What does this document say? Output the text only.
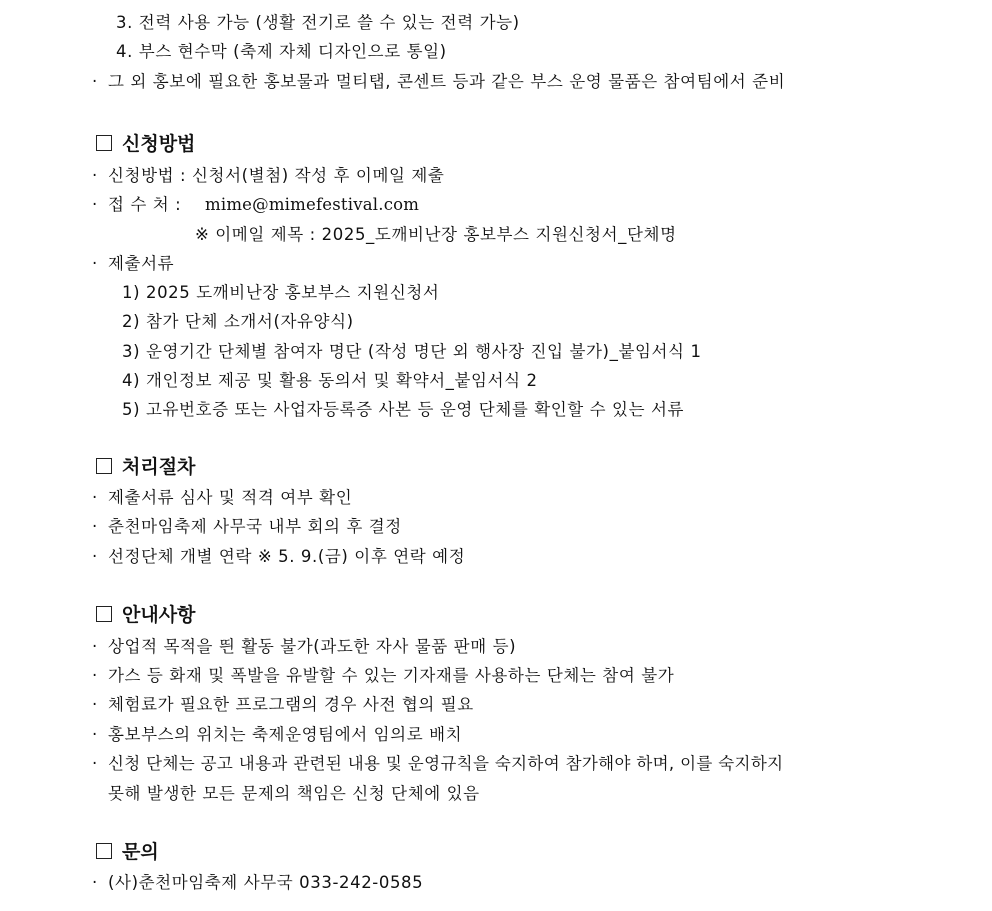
3. 전력 사용 가능 (생활 전기로 쓸 수 있는 전력 가능)
4. 부스 현수막 (축제 자체 디자인으로 통일)
· 그 외 홍보에 필요한 홍보물과 멀티탭, 콘센트 등과 같은 부스 운영 물품은 참여팀에서 준비
신청방법
· 신청방법 : 신청서(별첨) 작성 후 이메일 제출
· 접 수 처 : mime@mimefestival.com
※ 이메일 제목 : 2025_도깨비난장 홍보부스 지원신청서_단체명
· 제출서류
1) 2025 도깨비난장 홍보부스 지원신청서
2) 참가 단체 소개서(자유양식)
3) 운영기간 단체별 참여자 명단 (작성 명단 외 행사장 진입 불가)_붙임서식 1
4) 개인정보 제공 및 활용 동의서 및 확약서_붙임서식 2
5) 고유번호증 또는 사업자등록증 사본 등 운영 단체를 확인할 수 있는 서류
처리절차
· 제출서류 심사 및 적격 여부 확인
· 춘천마임축제 사무국 내부 회의 후 결정
· 선정단체 개별 연락 ※ 5. 9.(금) 이후 연락 예정
안내사항
· 상업적 목적을 띈 활동 불가(과도한 자사 물품 판매 등)
· 가스 등 화재 및 폭발을 유발할 수 있는 기자재를 사용하는 단체는 참여 불가
· 체험료가 필요한 프로그램의 경우 사전 협의 필요
· 홍보부스의 위치는 축제운영팀에서 임의로 배치
· 신청 단체는 공고 내용과 관련된 내용 및 운영규칙을 숙지하여 참가해야 하며, 이를 숙지하지
못해 발생한 모든 문제의 책임은 신청 단체에 있음
문의
· (사)춘천마임축제 사무국 033-242-0585
